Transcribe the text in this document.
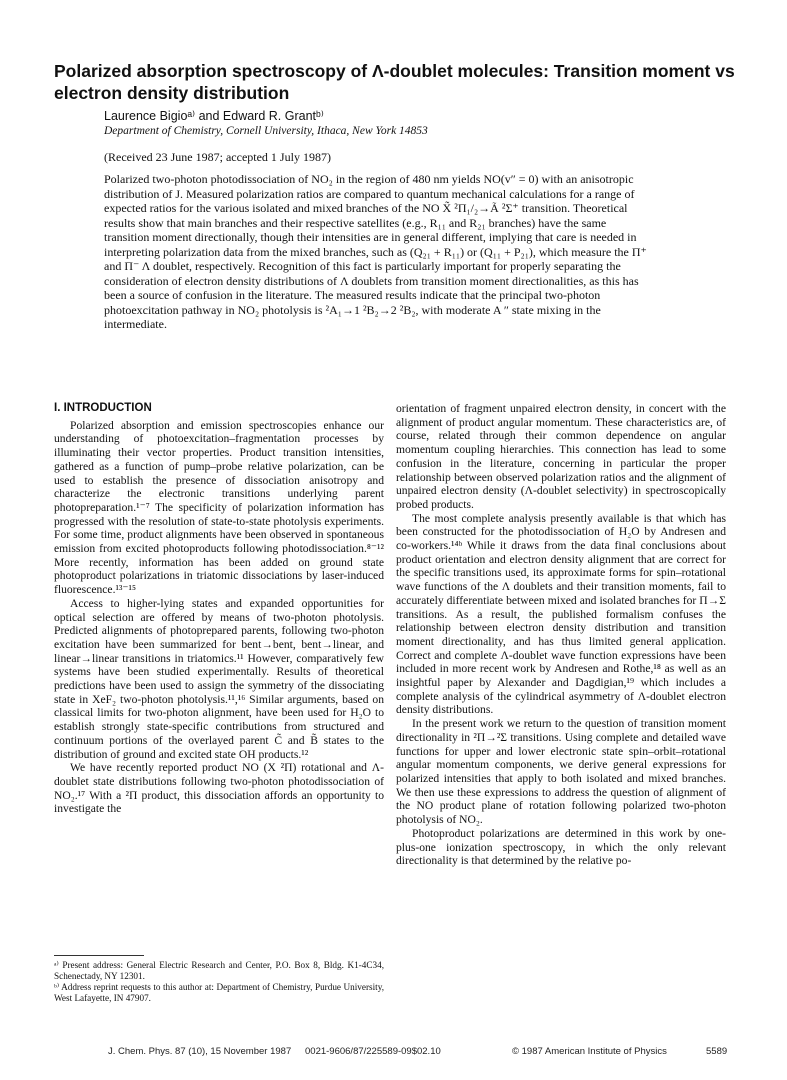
Polarized absorption spectroscopy of Λ-doublet molecules: Transition moment vs electron density distribution
Laurence Bigioᵃ⁾ and Edward R. Grantᵇ⁾
Department of Chemistry, Cornell University, Ithaca, New York 14853
(Received 23 June 1987; accepted 1 July 1987)

Polarized two-photon photodissociation of NO₂ in the region of 480 nm yields NO(v″ = 0) with an anisotropic distribution of J. Measured polarization ratios are compared to quantum mechanical calculations for a range of expected ratios for the various isolated and mixed branches of the NO X̃ ²Π₁/₂→Ã ²Σ⁺ transition. Theoretical results show that main branches and their respective satellites (e.g., R₁₁ and R₂₁ branches) have the same transition moment directionally, though their intensities are in general different, implying that care is needed in interpreting polarization data from the mixed branches, such as (Q₂₁ + R₁₁) or (Q₁₁ + P₂₁), which measure the Π⁺ and Π⁻ Λ doublet, respectively. Recognition of this fact is particularly important for properly separating the consideration of electron density distributions of Λ doublets from transition moment directionalities, as this has been a source of confusion in the literature. The measured results indicate that the principal two-photon photoexcitation pathway in NO₂ photolysis is ²A₁→1 ²B₂→2 ²B₂, with moderate A ″ state mixing in the intermediate.

I. INTRODUCTION

Polarized absorption and emission spectroscopies enhance our understanding of photoexcitation–fragmentation processes by illuminating their vector properties. Product transition intensities, gathered as a function of pump–probe relative polarization, can be used to establish the presence of dissociation anisotropy and characterize the electronic transitions underlying parent photopreparation.¹⁻⁷ The specificity of polarization information has progressed with the resolution of state-to-state photolysis experiments. For some time, product alignments have been observed in spontaneous emission from excited photoproducts following photodissociation.⁸⁻¹² More recently, information has been added on ground state photoproduct polarizations in triatomic dissociations by laser-induced fluorescence.¹³⁻¹⁵

Access to higher-lying states and expanded opportunities for optical selection are offered by means of two-photon photolysis. Predicted alignments of photoprepared parents, following two-photon excitation have been summarized for bent→bent, bent→linear, and linear→linear transitions in triatomics.¹¹ However, comparatively few systems have been studied experimentally. Results of theoretical predictions have been used to assign the symmetry of the dissociating state in XeF₂ two-photon photolysis.¹¹,¹⁶ Similar arguments, based on classical limits for two-photon alignment, have been used for H₂O to establish strongly state-specific contributions from structured and continuum portions of the overlayed parent C̃ and B̃ states to the distribution of ground and excited state OH products.¹²

We have recently reported product NO (X ²Π) rotational and Λ-doublet state distributions following two-photon photodissociation of NO₂.¹⁷ With a ²Π product, this dissociation affords an opportunity to investigate the

orientation of fragment unpaired electron density, in concert with the alignment of product angular momentum. These characteristics are, of course, related through their common dependence on angular momentum coupling hierarchies. This connection has lead to some confusion in the literature, concerning in particular the proper relationship between observed polarization ratios and the alignment of unpaired electron density (Λ-doublet selectivity) in spectroscopically probed products.

The most complete analysis presently available is that which has been constructed for the photodissociation of H₂O by Andresen and co-workers.¹⁴ᵇ While it draws from the data final conclusions about product orientation and electron density alignment that are correct for the specific transitions used, its approximate forms for spin–rotational wave functions of the Λ doublets and their transition moments, fail to accurately differentiate between mixed and isolated branches for Π→Σ transitions. As a result, the published formalism confuses the relationship between electron density distribution and transition moment directionality, and has thus limited general application. Correct and complete Λ-doublet wave function expressions have been included in more recent work by Andresen and Rothe,¹⁸ as well as an insightful paper by Alexander and Dagdigian,¹⁹ which includes a complete analysis of the cylindrical asymmetry of Λ-doublet electron density distributions.

In the present work we return to the question of transition moment directionality in ²Π→²Σ transitions. Using complete and detailed wave functions for upper and lower electronic state spin–orbit–rotational angular momentum components, we derive general expressions for polarized intensities that apply to both isolated and mixed branches. We then use these expressions to address the question of alignment of the NO product plane of rotation following polarized two-photon photolysis of NO₂.

Photoproduct polarizations are determined in this work by one-plus-one ionization spectroscopy, in which the only relevant directionality is that determined by the relative po-

ᵃ⁾ Present address: General Electric Research and Center, P.O. Box 8, Bldg. K1-4C34, Schenectady, NY 12301.

ᵇ⁾ Address reprint requests to this author at: Department of Chemistry, Purdue University, West Lafayette, IN 47907.

J. Chem. Phys. 87 (10), 15 November 1987 0021-9606/87/225589-09$02.10	© 1987 American Institute of Physics	5589
